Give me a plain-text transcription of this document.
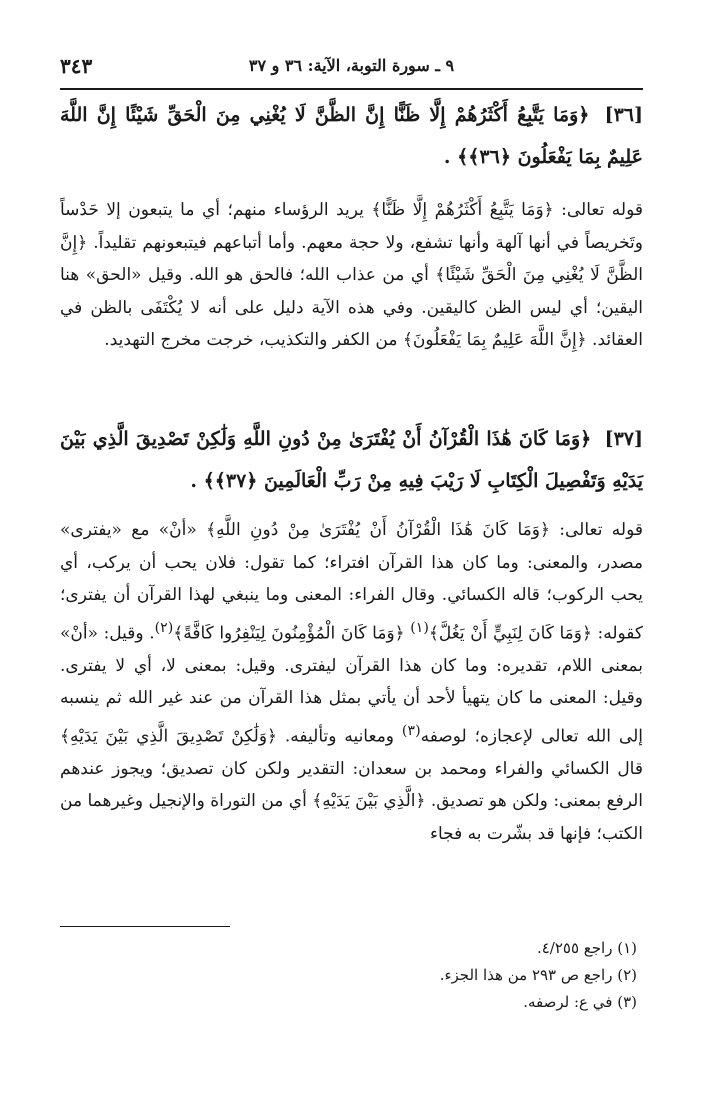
٣٤٣	٩ ـ سورة التوبة، الآية: ٣٦ و ٣٧
[٣٦] ﴿وَمَا يَتَّبِعُ أَكْثَرُهُمْ إِلَّا ظَنًّا إِنَّ الظَّنَّ لَا يُغْنِي مِنَ الْحَقِّ شَيْئًا إِنَّ اللَّهَ عَلِيمٌ بِمَا يَفْعَلُونَ ﴿٣٦﴾﴾ .
قوله تعالى: ﴿وَمَا يَتَّبِعُ أَكْثَرُهُمْ إِلَّا ظَنًّا﴾ يريد الرؤساء منهم؛ أي ما يتبعون إلا حَدْساً وتَخريصاً في أنها آلهة وأنها تشفع، ولا حجة معهم. وأما أتباعهم فيتبعونهم تقليداً. ﴿إِنَّ الظَّنَّ لَا يُغْنِي مِنَ الْحَقِّ شَيْئًا﴾ أي من عذاب الله؛ فالحق هو الله. وقيل «الحق» هنا اليقين؛ أي ليس الظن كاليقين. وفي هذه الآية دليل على أنه لا يُكْتَفَى بالظن في العقائد. ﴿إِنَّ اللَّهَ عَلِيمٌ بِمَا يَفْعَلُونَ﴾ من الكفر والتكذيب، خرجت مخرج التهديد.
[٣٧] ﴿وَمَا كَانَ هَٰذَا الْقُرْآنُ أَنْ يُفْتَرَىٰ مِنْ دُونِ اللَّهِ وَلَٰكِنْ تَصْدِيقَ الَّذِي بَيْنَ يَدَيْهِ وَتَفْصِيلَ الْكِتَابِ لَا رَيْبَ فِيهِ مِنْ رَبِّ الْعَالَمِينَ ﴿٣٧﴾﴾ .
قوله تعالى: ﴿وَمَا كَانَ هَٰذَا الْقُرْآنُ أَنْ يُفْتَرَىٰ مِنْ دُونِ اللَّهِ﴾ «أنْ» مع «يفترى» مصدر، والمعنى: وما كان هذا القرآن افتراء؛ كما تقول: فلان يحب أن يركب، أي يحب الركوب؛ قاله الكسائي. وقال الفراء: المعنى وما ينبغي لهذا القرآن أن يفترى؛ كقوله: ﴿وَمَا كَانَ لِنَبِيٍّ أَنْ يَغُلَّ﴾$^{(١)}$ ﴿وَمَا كَانَ الْمُؤْمِنُونَ لِيَنْفِرُوا كَافَّةً﴾$^{(٢)}$. وقيل: «أنْ» بمعنى اللام، تقديره: وما كان هذا القرآن ليفترى. وقيل: بمعنى لا، أي لا يفترى. وقيل: المعنى ما كان يتهيأ لأحد أن يأتي بمثل هذا القرآن من عند غير الله ثم ينسبه إلى الله تعالى لإعجازه؛ لوصفه$^{(٣)}$ ومعانيه وتأليفه. ﴿وَلَٰكِنْ تَصْدِيقَ الَّذِي بَيْنَ يَدَيْهِ﴾ قال الكسائي والفراء ومحمد بن سعدان: التقدير ولكن كان تصديق؛ ويجوز عندهم الرفع بمعنى: ولكن هو تصديق. ﴿الَّذِي بَيْنَ يَدَيْهِ﴾ أي من التوراة والإنجيل وغيرهما من الكتب؛ فإنها قد بشّرت به فجاء
(١) راجع ٤/٢٥٥.
(٢) راجع ص ٢٩٣ من هذا الجزء.
(٣) في ع: لرصفه.
